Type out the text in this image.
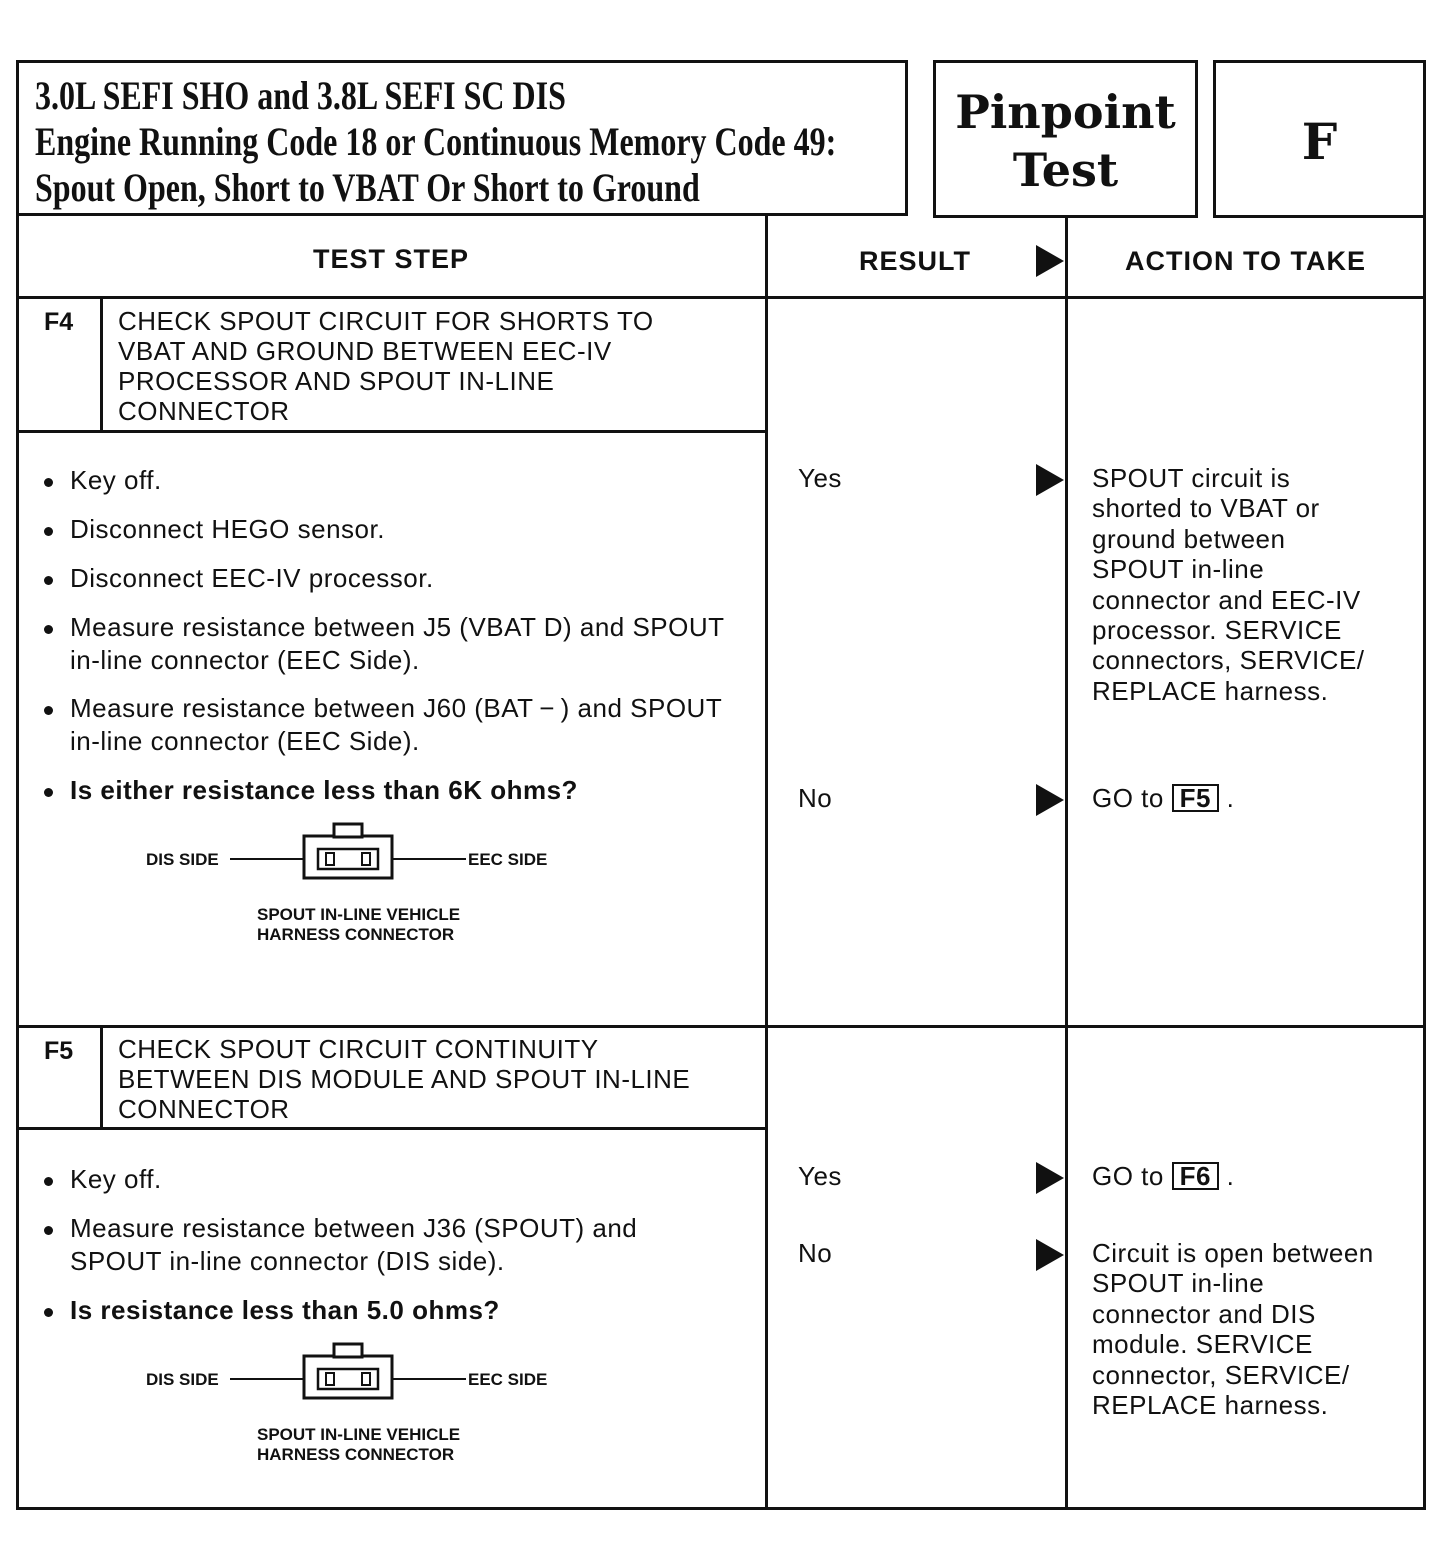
3.0L SEFI SHO and 3.8L SEFI SC DIS
Engine Running Code 18 or Continuous Memory Code 49:
Spout Open, Short to VBAT Or Short to Ground
Pinpoint
Test	F
TEST STEP	RESULT	ACTION TO TAKE
F4 CHECK SPOUT CIRCUIT FOR SHORTS TO
VBAT AND GROUND BETWEEN EEC-IV
PROCESSOR AND SPOUT IN-LINE
CONNECTOR
Key off.
Disconnect HEGO sensor.
Disconnect EEC-IV processor.
Measure resistance between J5 (VBAT D) and SPOUT in-line connector (EEC Side).
Measure resistance between J60 (BAT − ) and SPOUT in-line connector (EEC Side).
Is either resistance less than 6K ohms?
DIS SIDE	EEC SIDE
SPOUT IN-LINE VEHICLE
HARNESS CONNECTOR
Yes	SPOUT circuit is
shorted to VBAT or
ground between
SPOUT in-line
connector and EEC-IV
processor. SERVICE
connectors, SERVICE/
REPLACE harness.
No	GO to F5 .
F5 CHECK SPOUT CIRCUIT CONTINUITY
BETWEEN DIS MODULE AND SPOUT IN-LINE
CONNECTOR
Key off.
Measure resistance between J36 (SPOUT) and SPOUT in-line connector (DIS side).
Is resistance less than 5.0 ohms?
DIS SIDE	EEC SIDE
SPOUT IN-LINE VEHICLE
HARNESS CONNECTOR
Yes	GO to F6 .
No	Circuit is open between
SPOUT in-line
connector and DIS
module. SERVICE
connector, SERVICE/
REPLACE harness.
